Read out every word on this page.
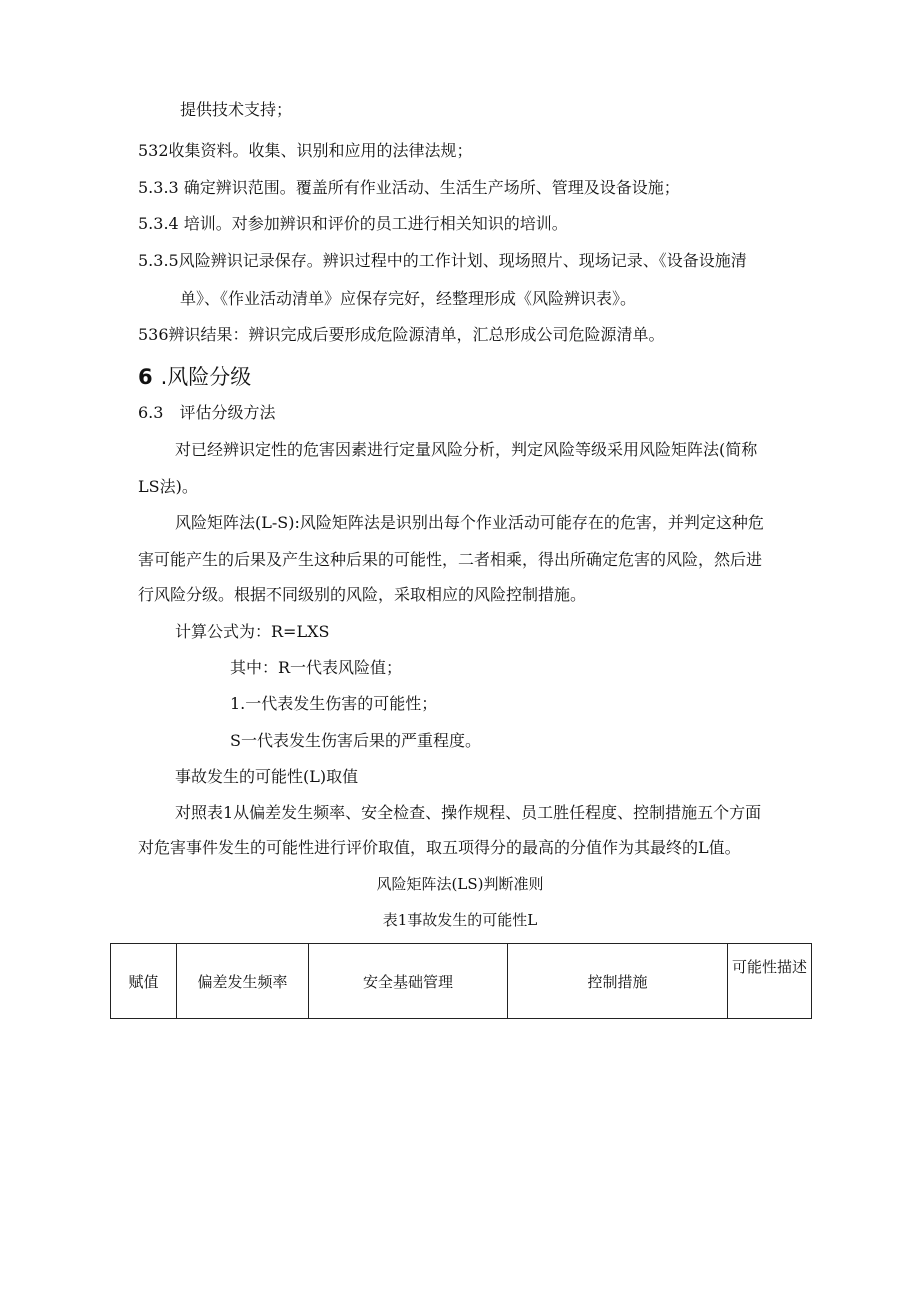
提供技术支持；
532收集资料。收集、识别和应用的法律法规；
5.3.3 确定辨识范围。覆盖所有作业活动、生活生产场所、管理及设备设施；
5.3.4 培训。对参加辨识和评价的员工进行相关知识的培训。
5.3.5风险辨识记录保存。辨识过程中的工作计划、现场照片、现场记录、《设备设施清
单》、《作业活动清单》应保存完好，经整理形成《风险辨识表》。
536辨识结果：辨识完成后要形成危险源清单，汇总形成公司危险源清单。
6 .风险分级
6.3　评估分级方法
对已经辨识定性的危害因素进行定量风险分析，判定风险等级采用风险矩阵法(简称
LS法)。
风险矩阵法(L-S):风险矩阵法是识别出每个作业活动可能存在的危害，并判定这种危
害可能产生的后果及产生这种后果的可能性，二者相乘，得出所确定危害的风险，然后进
行风险分级。根据不同级别的风险，采取相应的风险控制措施。
计算公式为：R=LXS
其中：R一代表风险值；
1.一代表发生伤害的可能性；
S一代表发生伤害后果的严重程度。
事故发生的可能性(L)取值
对照表1从偏差发生频率、安全检查、操作规程、员工胜任程度、控制措施五个方面
对危害事件发生的可能性进行评价取值，取五项得分的最高的分值作为其最终的L值。
风险矩阵法(LS)判断准则
表1事故发生的可能性L
赋值	偏差发生频率	安全基础管理	控制措施	可能性描述
